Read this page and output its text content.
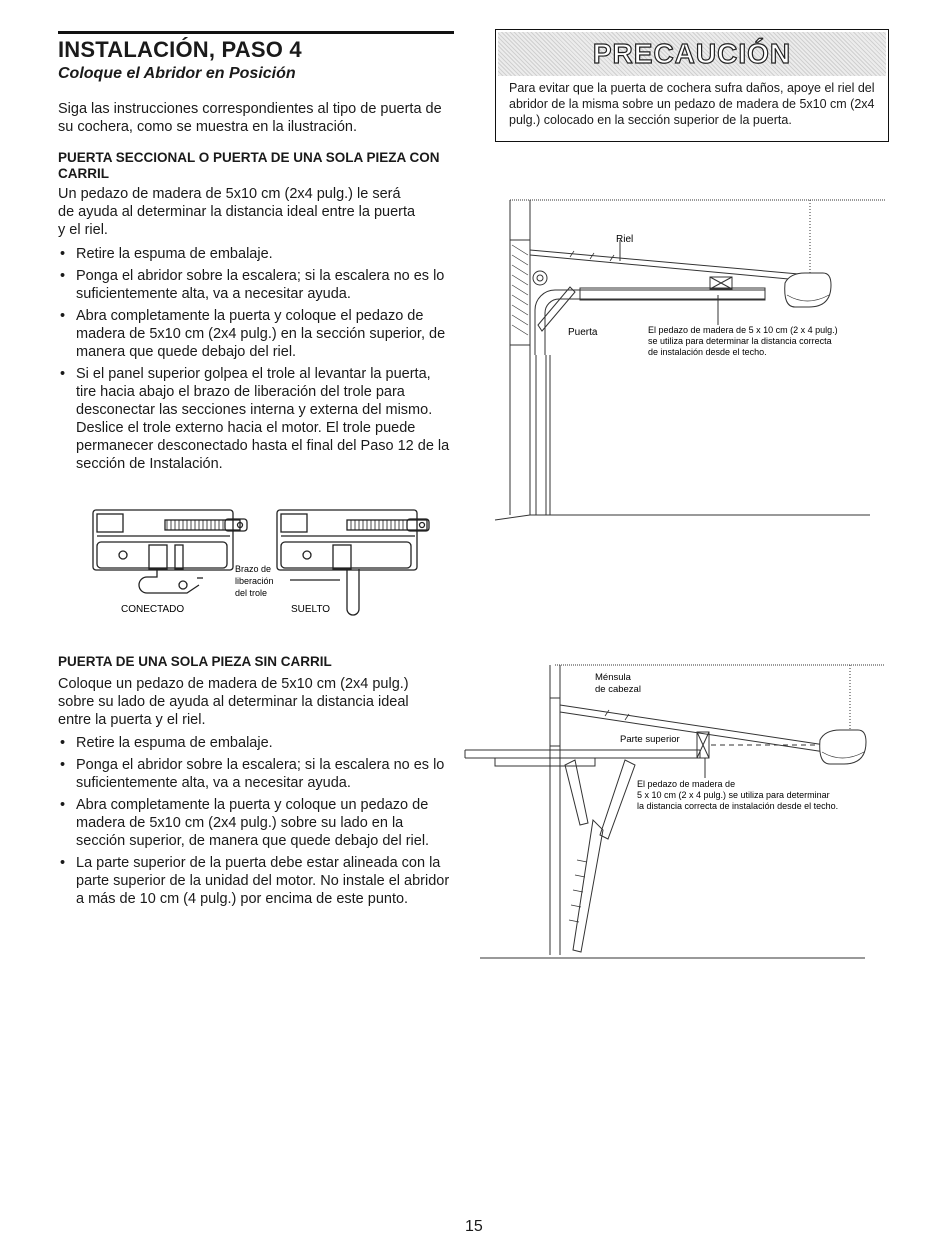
INSTALACIÓN, PASO 4
Coloque el Abridor en Posición
Siga las instrucciones correspondientes al tipo de puerta de su cochera, como se muestra en la ilustración.
PUERTA SECCIONAL O PUERTA DE UNA SOLA PIEZA CON CARRIL
Un pedazo de madera de 5x10 cm (2x4 pulg.) le será de ayuda al determinar la distancia ideal entre la puerta y el riel.
• Retire la espuma de embalaje.
• Ponga el abridor sobre la escalera; si la escalera no es lo suficientemente alta, va a necesitar ayuda.
• Abra completamente la puerta y coloque el pedazo de madera de 5x10 cm (2x4 pulg.) en la sección superior, de manera que quede debajo del riel.
• Si el panel superior golpea el trole al levantar la puerta, tire hacia abajo el brazo de liberación del trole para desconectar las secciones interna y externa del mismo. Deslice el trole externo hacia el motor. El trole puede permanecer desconectado hasta el final del Paso 12 de la sección de Instalación.
CONECTADO	SUELTO
Brazo de
liberación
del trole
PUERTA DE UNA SOLA PIEZA SIN CARRIL
Coloque un pedazo de madera de 5x10 cm (2x4 pulg.) sobre su lado de ayuda al determinar la distancia ideal entre la puerta y el riel.
• Retire la espuma de embalaje.
• Ponga el abridor sobre la escalera; si la escalera no es lo suficientemente alta, va a necesitar ayuda.
• Abra completamente la puerta y coloque un pedazo de madera de 5x10 cm (2x4 pulg.) sobre su lado en la sección superior, de manera que quede debajo del riel.
• La parte superior de la puerta debe estar alineada con la parte superior de la unidad del motor. No instale el abridor a más de 10 cm (4 pulg.) por encima de este punto.
PRECAUCIÓN
Para evitar que la puerta de cochera sufra daños, apoye el riel del abridor de la misma sobre un pedazo de madera de 5x10 cm (2x4 pulg.) colocado en la sección superior de la puerta.
Riel
Puerta	El pedazo de madera de 5 x 10 cm (2 x 4 pulg.)
se utiliza para determinar la distancia correcta
de instalación desde el techo.
Ménsula
de cabezal
Parte superior
El pedazo de madera de
5 x 10 cm (2 x 4 pulg.) se utiliza para determinar
la distancia correcta de instalación desde el techo.
15
